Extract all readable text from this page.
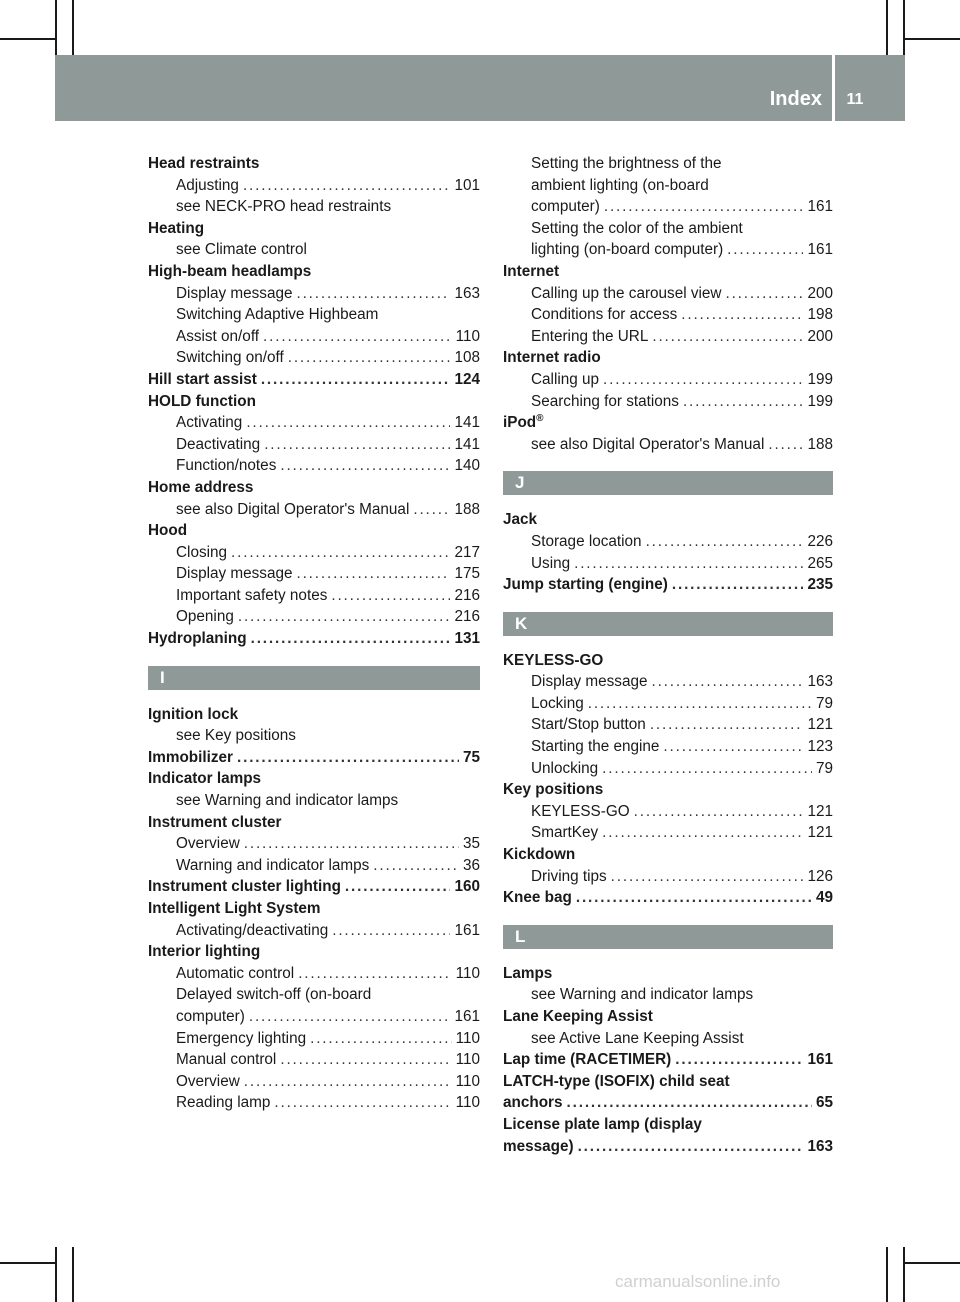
Index	11
Head restraints
Adjusting . . .	101
see NECK-PRO head restraints
Heating
see Climate control
High-beam headlamps
Display message . . .	163
Switching Adaptive Highbeam
Assist on/off . . .	110
Switching on/off . . .	108
Hill start assist . . .	124
HOLD function
Activating . . .	141
Deactivating . . .	141
Function/notes . . .	140
Home address
see also Digital Operator's Manual . . .	188
Hood
Closing . . .	217
Display message . . .	175
Important safety notes . . .	216
Opening . . .	216
Hydroplaning . . .	131
I
Ignition lock
see Key positions
Immobilizer . . .	75
Indicator lamps
see Warning and indicator lamps
Instrument cluster
Overview . . .	35
Warning and indicator lamps . . .	36
Instrument cluster lighting . . .	160
Intelligent Light System
Activating/deactivating . . .	161
Interior lighting
Automatic control . . .	110
Delayed switch-off (on-board
computer) . . .	161
Emergency lighting . . .	110
Manual control . . .	110
Overview . . .	110
Reading lamp . . .	110
Setting the brightness of the
ambient lighting (on-board
computer) . . .	161
Setting the color of the ambient
lighting (on-board computer) . . .	161
Internet
Calling up the carousel view . . .	200
Conditions for access . . .	198
Entering the URL . . .	200
Internet radio
Calling up . . .	199
Searching for stations . . .	199
iPod®
see also Digital Operator's Manual . . .	188
J
Jack
Storage location . . .	226
Using . . .	265
Jump starting (engine) . . .	235
K
KEYLESS-GO
Display message . . .	163
Locking . . .	79
Start/Stop button . . .	121
Starting the engine . . .	123
Unlocking . . .	79
Key positions
KEYLESS-GO . . .	121
SmartKey . . .	121
Kickdown
Driving tips . . .	126
Knee bag . . .	49
L
Lamps
see Warning and indicator lamps
Lane Keeping Assist
see Active Lane Keeping Assist
Lap time (RACETIMER) . . .	161
LATCH-type (ISOFIX) child seat
anchors . . .	65
License plate lamp (display
message) . . .	163
carmanualsonline.info
